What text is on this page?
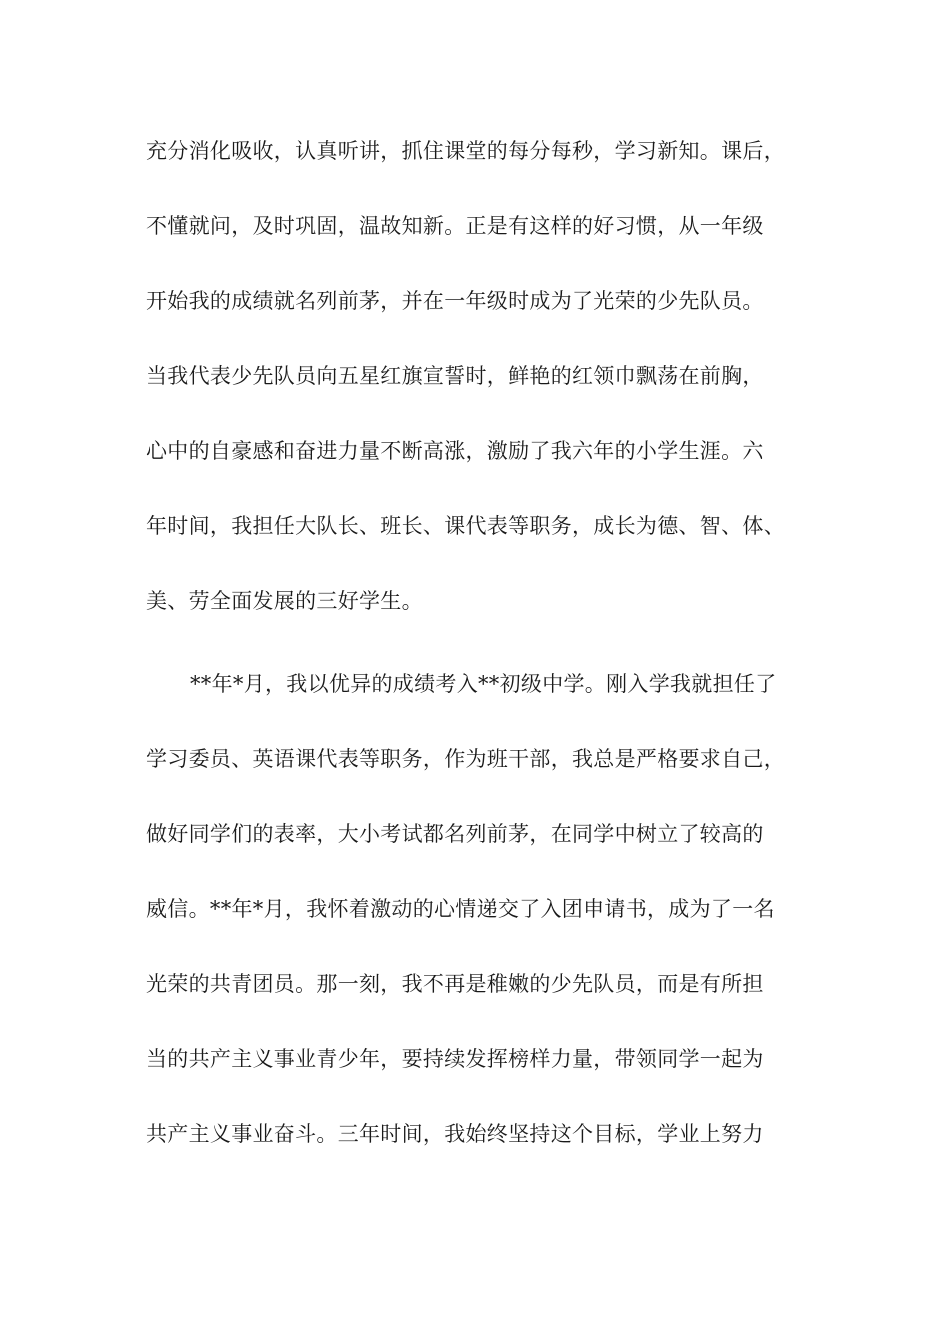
充分消化吸收，认真听讲，抓住课堂的每分每秒，学习新知。课后，
不懂就问，及时巩固，温故知新。正是有这样的好习惯，从一年级
开始我的成绩就名列前茅，并在一年级时成为了光荣的少先队员。
当我代表少先队员向五星红旗宣誓时，鲜艳的红领巾飘荡在前胸，
心中的自豪感和奋进力量不断高涨，激励了我六年的小学生涯。六
年时间，我担任大队长、班长、课代表等职务，成长为德、智、体、
美、劳全面发展的三好学生。
**年*月，我以优异的成绩考入**初级中学。刚入学我就担任了
学习委员、英语课代表等职务，作为班干部，我总是严格要求自己，
做好同学们的表率，大小考试都名列前茅，在同学中树立了较高的
威信。**年*月，我怀着激动的心情递交了入团申请书，成为了一名
光荣的共青团员。那一刻，我不再是稚嫩的少先队员，而是有所担
当的共产主义事业青少年，要持续发挥榜样力量，带领同学一起为
共产主义事业奋斗。三年时间，我始终坚持这个目标，学业上努力
